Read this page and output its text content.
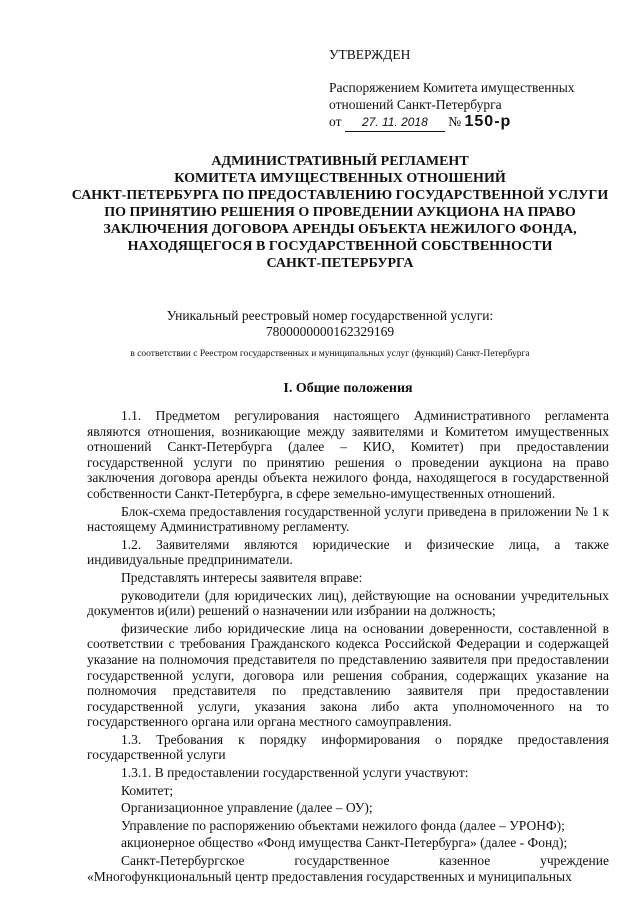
УТВЕРЖДЕН
Распоряжением Комитета имущественных
отношений Санкт-Петербурга
от 27. 11. 2018 № 150-р
АДМИНИСТРАТИВНЫЙ РЕГЛАМЕНТ
КОМИТЕТА ИМУЩЕСТВЕННЫХ ОТНОШЕНИЙ
САНКТ-ПЕТЕРБУРГА ПО ПРЕДОСТАВЛЕНИЮ ГОСУДАРСТВЕННОЙ УСЛУГИ
ПО ПРИНЯТИЮ РЕШЕНИЯ О ПРОВЕДЕНИИ АУКЦИОНА НА ПРАВО
ЗАКЛЮЧЕНИЯ ДОГОВОРА АРЕНДЫ ОБЪЕКТА НЕЖИЛОГО ФОНДА,
НАХОДЯЩЕГОСЯ В ГОСУДАРСТВЕННОЙ СОБСТВЕННОСТИ
САНКТ-ПЕТЕРБУРГА
Уникальный реестровый номер государственной услуги:
7800000000162329169
в соответствии с Реестром государственных и муниципальных услуг (функций) Санкт-Петербурга
I. Общие положения

1.1. Предметом регулирования настоящего Административного регламента являются отношения, возникающие между заявителями и Комитетом имущественных отношений Санкт-Петербурга (далее – КИО, Комитет) при предоставлении государственной услуги по принятию решения о проведении аукциона на право заключения договора аренды объекта нежилого фонда, находящегося в государственной собственности Санкт-Петербурга, в сфере земельно-имущественных отношений.

Блок-схема предоставления государственной услуги приведена в приложении № 1 к настоящему Административному регламенту.

1.2. Заявителями являются юридические и физические лица, а также индивидуальные предприниматели.

Представлять интересы заявителя вправе:

руководители (для юридических лиц), действующие на основании учредительных документов и(или) решений о назначении или избрании на должность;

физические либо юридические лица на основании доверенности, составленной в соответствии с требования Гражданского кодекса Российской Федерации и содержащей указание на полномочия представителя по представлению заявителя при предоставлении государственной услуги, договора или решения собрания, содержащих указание на полномочия представителя по представлению заявителя при предоставлении государственной услуги, указания закона либо акта уполномоченного на то государственного органа или органа местного самоуправления.

1.3. Требования к порядку информирования о порядке предоставления государственной услуги

1.3.1. В предоставлении государственной услуги участвуют:

Комитет;

Организационное управление (далее – ОУ);

Управление по распоряжению объектами нежилого фонда (далее – УРОНФ);

акционерное общество «Фонд имущества Санкт-Петербурга» (далее - Фонд);

Санкт-Петербургское государственное казенное учреждение «Многофункциональный центр предоставления государственных и муниципальных
